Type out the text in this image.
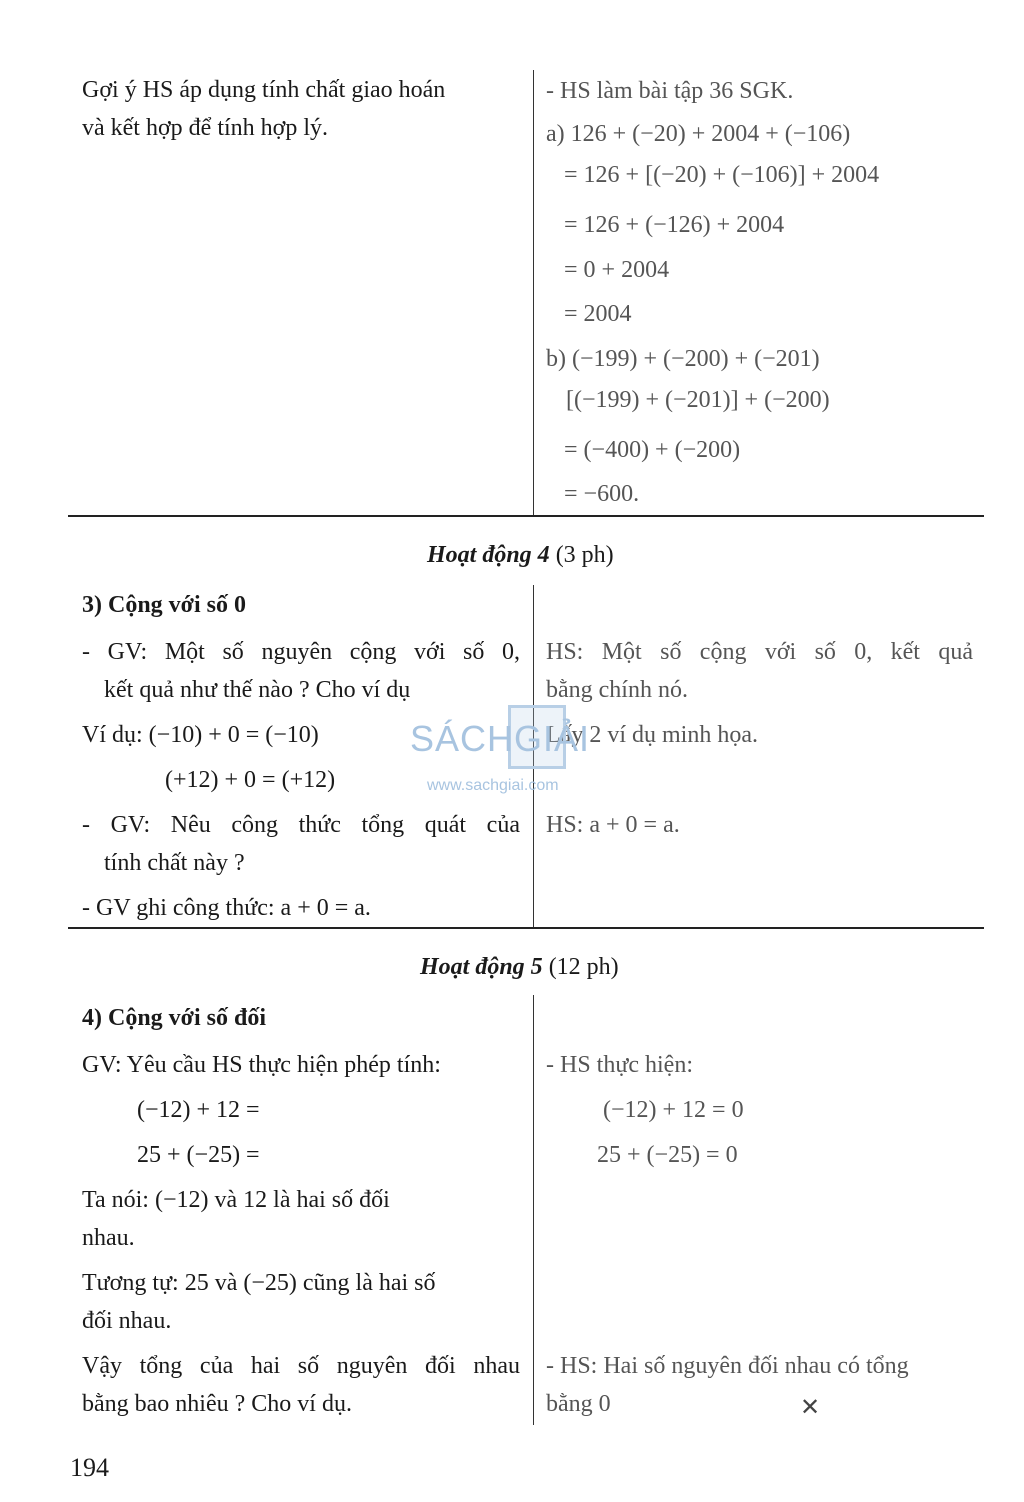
Gợi ý HS áp dụng tính chất giao hoán
và kết hợp để tính hợp lý.
- HS làm bài tập 36 SGK.
a) 126 + (−20) + 2004 + (−106)
= 126 + [(−20) + (−106)] + 2004
= 126 + (−126) + 2004
= 0 + 2004
= 2004
b) (−199) + (−200) + (−201)
[(−199) + (−201)] + (−200)
= (−400) + (−200)
= −600.
Hoạt động 4 (3 ph)
3) Cộng với số 0
- GV: Một số nguyên cộng với số 0,
kết quả như thế nào ? Cho ví dụ
Ví dụ: (−10) + 0 = (−10)
(+12) + 0 = (+12)
- GV: Nêu công thức tổng quát của
tính chất này ?
- GV ghi công thức: a + 0 = a.
HS: Một số cộng với số 0, kết quả
bằng chính nó.
Lấy 2 ví dụ minh họa.
HS: a + 0 = a.
SÁCHGIẢI
www.sachgiai.com
Hoạt động 5 (12 ph)
4) Cộng với số đối
GV: Yêu cầu HS thực hiện phép tính:
(−12) + 12 =
25 + (−25) =
Ta nói: (−12) và 12 là hai số đối
nhau.
Tương tự: 25 và (−25) cũng là hai số
đối nhau.
Vậy tổng của hai số nguyên đối nhau
bằng bao nhiêu ? Cho ví dụ.
- HS thực hiện:
(−12) + 12 = 0
25 + (−25) = 0
- HS: Hai số nguyên đối nhau có tổng
bằng 0	✕
194
